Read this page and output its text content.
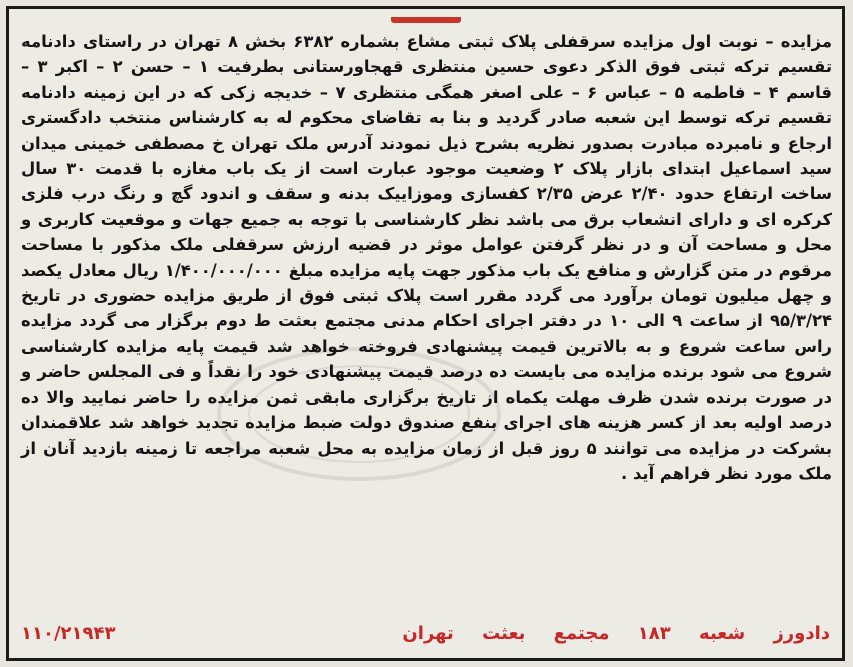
مزایده – نوبت اول مزایده سرقفلی پلاک ثبتی مشاع بشماره ۶۳۸۲ بخش ۸ تهران در راستای دادنامه تقسیم ترکه ثبتی فوق الذکر دعوی حسین منتظری قهجاورستانی بطرفیت ۱ – حسن ۲ – اکبر ۳ – قاسم ۴ – فاطمه ۵ – عباس ۶ – علی اصغر همگی منتظری ۷ – خدیجه زکی که در این زمینه دادنامه تقسیم ترکه توسط این شعبه صادر گردید و بنا به تقاضای محکوم له به کارشناس منتخب دادگستری ارجاع و نامبرده مبادرت بصدور نظریه بشرح ذیل نمودند آدرس ملک تهران خ مصطفی خمینی میدان سید اسماعیل ابتدای بازار پلاک ۲ وضعیت موجود عبارت است از یک باب مغازه با قدمت ۳۰ سال ساخت ارتفاع حدود ۲/۴۰ عرض ۲/۳۵ کفسازی وموزاییک بدنه و سقف و اندود گچ و رنگ درب فلزی کرکره ای و دارای انشعاب برق می باشد نظر کارشناسی با توجه به جمیع جهات و موقعیت کاربری و محل و مساحت آن و در نظر گرفتن عوامل موثر در قضیه ارزش سرقفلی ملک مذکور با مساحت مرقوم در متن گزارش و منافع یک باب مذکور جهت پایه مزایده مبلغ ۱/۴۰۰/۰۰۰/۰۰۰ ریال معادل یکصد و چهل میلیون تومان برآورد می گردد مقرر است پلاک ثبتی فوق از طریق مزایده حضوری در تاریخ ۹۵/۳/۲۴ از ساعت ۹ الی ۱۰ در دفتر اجرای احکام مدنی مجتمع بعثت ط دوم برگزار می گردد مزایده راس ساعت شروع و به بالاترین قیمت پیشنهادی فروخته خواهد شد قیمت پایه مزایده کارشناسی شروع می شود برنده مزایده می بایست ده درصد قیمت پیشنهادی خود را نقداً و فی المجلس حاضر و در صورت برنده شدن ظرف مهلت یکماه از تاریخ برگزاری مابقی ثمن مزایده را حاضر نمایید والا ده درصد اولیه بعد از کسر هزینه های اجرای بنفع صندوق دولت ضبط مزایده تجدید خواهد شد علاقمندان بشرکت در مزایده می توانند ۵ روز قبل از زمان مزایده به محل شعبه مراجعه تا زمینه بازدید آنان از ملک مورد نظر فراهم آید .
دادورز شعبه ۱۸۳ مجتمع بعثت تهران
۱۱۰/۲۱۹۴۳
